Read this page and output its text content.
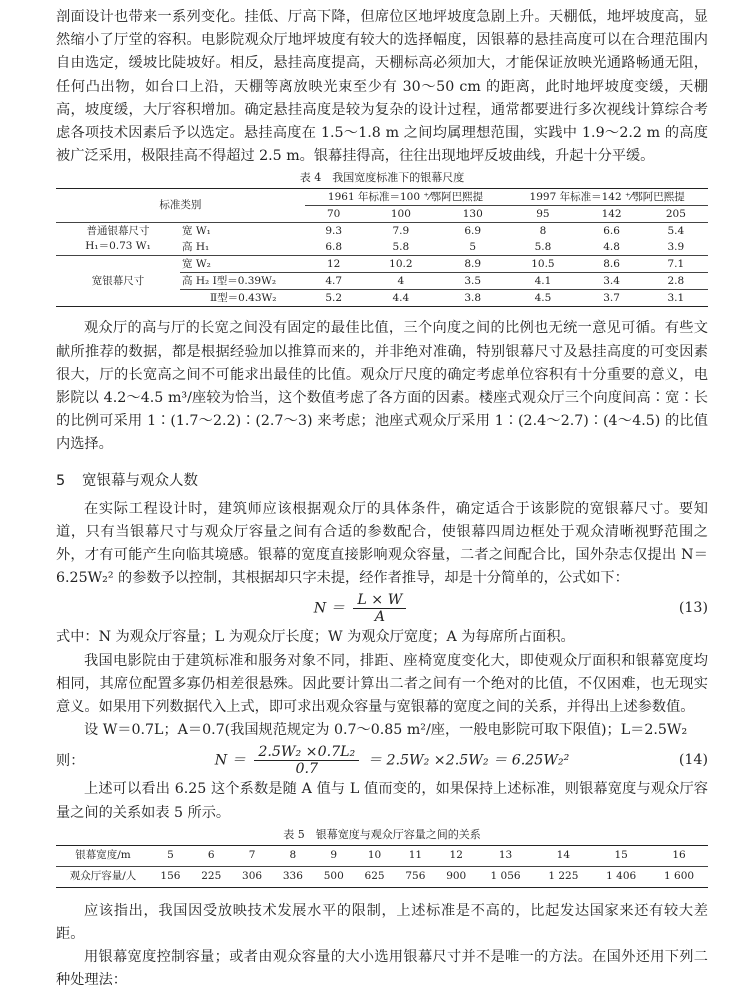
剖面设计也带来一系列变化。挂低、厅高下降，但席位区地坪坡度急剧上升。天棚低，地坪坡度高，显然缩小了厅堂的容积。电影院观众厅地坪坡度有较大的选择幅度，因银幕的悬挂高度可以在合理范围内自由选定，缓坡比陡坡好。相反，悬挂高度提高，天棚标高必须加大，才能保证放映光通路畅通无阻，任何凸出物，如台口上沿，天棚等离放映光束至少有 30～50 cm 的距离，此时地坪坡度变缓，天棚高，坡度缓，大厅容积增加。确定悬挂高度是较为复杂的设计过程，通常都要进行多次视线计算综合考虑各项技术因素后予以选定。悬挂高度在 1.5～1.8 m 之间均属理想范围，实践中 1.9～2.2 m 的高度被广泛采用，极限挂高不得超过 2.5 m。银幕挂得高，往往出现地坪反坡曲线，升起十分平缓。

表 4　我国宽度标准下的银幕尺度
标准类别		1961 年标准＝100 ⁺⁄鄂阿巴熙提			1997 年标准＝142 ⁺⁄鄂阿巴熙提		
		70	100	130	95	142	205

普通银幕尺寸
H₁＝0.73 W₁	宽 W₁	9.3	7.9	6.9	8	6.6	5.4
	高 H₁	6.8	5.8	5	5.8	4.8	3.9
宽银幕尺寸	宽 W₂	12	10.2	8.9	10.5	8.6	7.1
	高 H₂ Ⅰ型＝0.39W₂	4.7	4	3.5	4.1	3.4	2.8
	Ⅱ型＝0.43W₂	5.2	4.4	3.8	4.5	3.7	3.1

观众厅的高与厅的长宽之间没有固定的最佳比值，三个向度之间的比例也无统一意见可循。有些文献所推荐的数据，都是根据经验加以推算而来的，并非绝对准确，特别银幕尺寸及悬挂高度的可变因素很大，厅的长宽高之间不可能求出最佳的比值。观众厅尺度的确定考虑单位容积有十分重要的意义，电影院以 4.2～4.5 m³/座较为恰当，这个数值考虑了各方面的因素。楼座式观众厅三个向度间高∶宽∶长的比例可采用 1∶(1.7～2.2)∶(2.7～3) 来考虑；池座式观众厅采用 1∶(2.4～2.7)∶(4～4.5) 的比值内选择。

5 宽银幕与观众人数

在实际工程设计时，建筑师应该根据观众厅的具体条件，确定适合于该影院的宽银幕尺寸。要知道，只有当银幕尺寸与观众厅容量之间有合适的参数配合，使银幕四周边框处于观众清晰视野范围之外，才有可能产生向临其境感。银幕的宽度直接影响观众容量，二者之间配合比，国外杂志仅提出 N＝6.25W₂² 的参数予以控制，其根据却只字未提，经作者推导，却是十分简单的，公式如下：

$N = \frac{L \times W}{A}$	(13)

式中：N 为观众厅容量；L 为观众厅长度；W 为观众厅宽度；A 为每席所占面积。

我国电影院由于建筑标准和服务对象不同，排距、座椅宽度变化大，即使观众厅面积和银幕宽度均相同，其席位配置多寡仍相差很悬殊。因此要计算出二者之间有一个绝对的比值，不仅困难，也无现实意义。如果用下列数据代入上式，即可求出观众容量与宽银幕的宽度之间的关系，并得出上述参数值。

设 W＝0.7L；A＝0.7(我国规范规定为 0.7～0.85 m²/座，一般电影院可取下限值)；L＝2.5W₂

则：	$N = \frac{\text{2.5W₂ ×0.7L₂}}{0.7} = 2.5W_2 \times 2.5W_2 = 6.25W_2^2$	(14)

上述可以看出 6.25 这个系数是随 A 值与 L 值而变的，如果保持上述标准，则银幕宽度与观众厅容量之间的关系如表 5 所示。

表 5　银幕宽度与观众厅容量之间的关系
银幕宽度/m	5	6	7	8	9	10	11	12	13	14	15	16
观众厅容量/人	156	225	306	336	500	625	756	900	1 056	1 225	1 406	1 600

应该指出，我国因受放映技术发展水平的限制，上述标准是不高的，比起发达国家来还有较大差距。

用银幕宽度控制容量；或者由观众容量的大小选用银幕尺寸并不是唯一的方法。在国外还用下列二种处理法：
